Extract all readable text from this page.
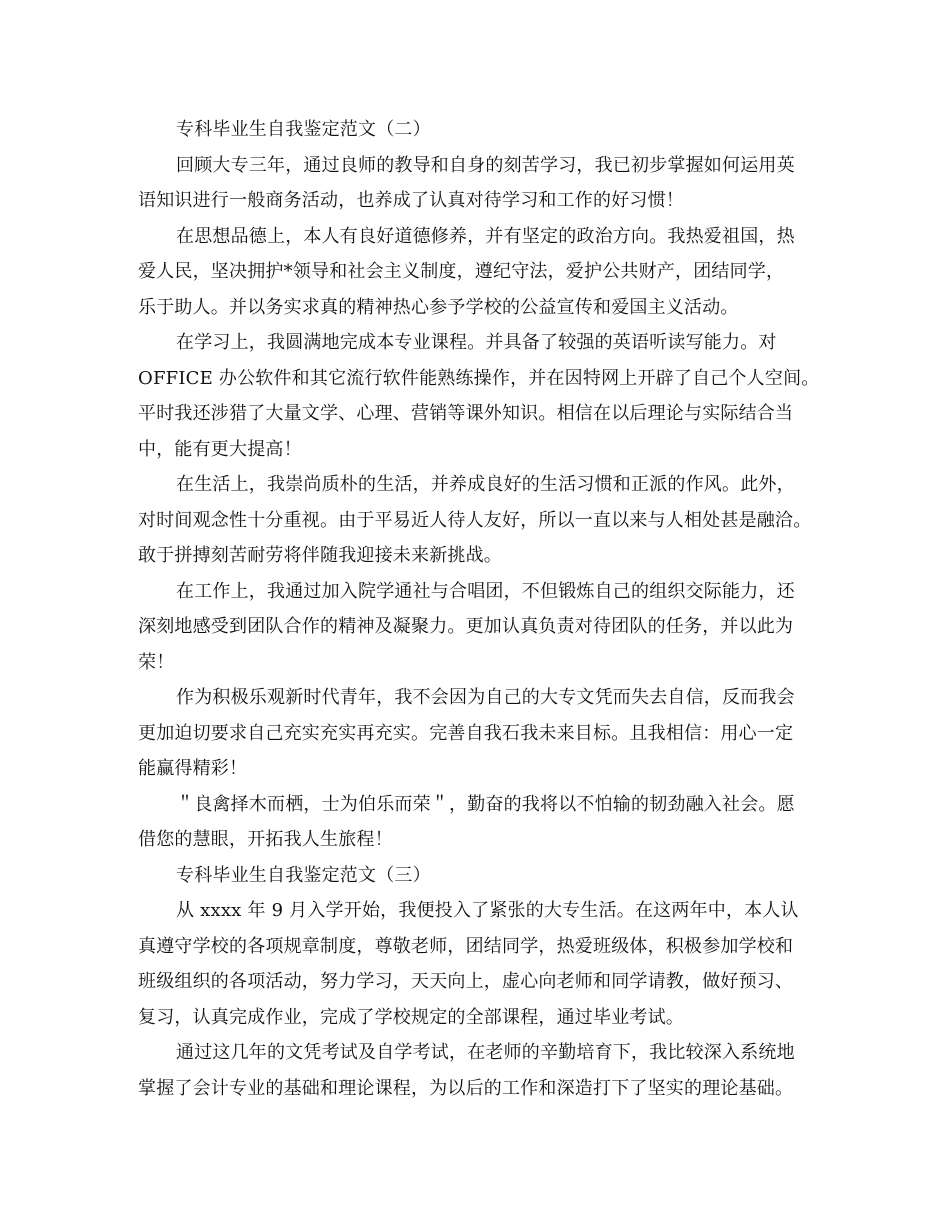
专科毕业生自我鉴定范文（二）
回顾大专三年，通过良师的教导和自身的刻苦学习，我已初步掌握如何运用英
语知识进行一般商务活动，也养成了认真对待学习和工作的好习惯！
在思想品德上，本人有良好道德修养，并有坚定的政治方向。我热爱祖国，热
爱人民，坚决拥护*领导和社会主义制度，遵纪守法，爱护公共财产，团结同学，
乐于助人。并以务实求真的精神热心参予学校的公益宣传和爱国主义活动。
在学习上，我圆满地完成本专业课程。并具备了较强的英语听读写能力。对
OFFICE 办公软件和其它流行软件能熟练操作，并在因特网上开辟了自己个人空间。
平时我还涉猎了大量文学、心理、营销等课外知识。相信在以后理论与实际结合当
中，能有更大提高！
在生活上，我崇尚质朴的生活，并养成良好的生活习惯和正派的作风。此外，
对时间观念性十分重视。由于平易近人待人友好，所以一直以来与人相处甚是融洽。
敢于拼搏刻苦耐劳将伴随我迎接未来新挑战。
在工作上，我通过加入院学通社与合唱团，不但锻炼自己的组织交际能力，还
深刻地感受到团队合作的精神及凝聚力。更加认真负责对待团队的任务，并以此为
荣！
作为积极乐观新时代青年，我不会因为自己的大专文凭而失去自信，反而我会
更加迫切要求自己充实充实再充实。完善自我石我未来目标。且我相信：用心一定
能赢得精彩！
＂良禽择木而栖，士为伯乐而荣＂，勤奋的我将以不怕输的韧劲融入社会。愿
借您的慧眼，开拓我人生旅程！
专科毕业生自我鉴定范文（三）
从 xxxx 年 9 月入学开始，我便投入了紧张的大专生活。在这两年中，本人认
真遵守学校的各项规章制度，尊敬老师，团结同学，热爱班级体，积极参加学校和
班级组织的各项活动，努力学习，天天向上，虚心向老师和同学请教，做好预习、
复习，认真完成作业，完成了学校规定的全部课程，通过毕业考试。
通过这几年的文凭考试及自学考试，在老师的辛勤培育下，我比较深入系统地
掌握了会计专业的基础和理论课程，为以后的工作和深造打下了坚实的理论基础。
